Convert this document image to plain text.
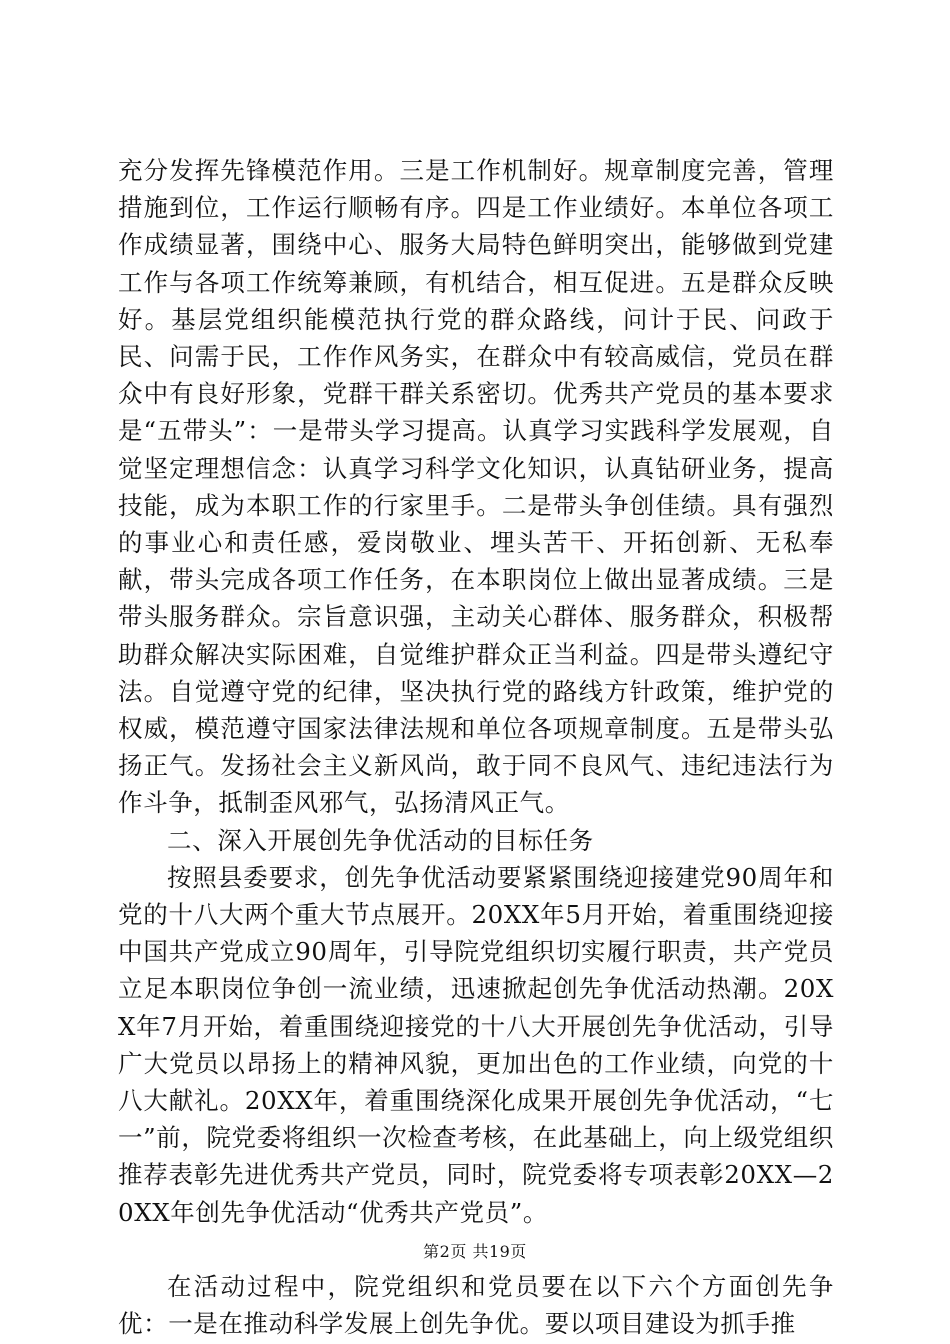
充分发挥先锋模范作用。三是工作机制好。规章制度完善，管理措施到位，工作运行顺畅有序。四是工作业绩好。本单位各项工作成绩显著，围绕中心、服务大局特色鲜明突出，能够做到党建工作与各项工作统筹兼顾，有机结合，相互促进。五是群众反映好。基层党组织能模范执行党的群众路线，问计于民、问政于民、问需于民，工作作风务实，在群众中有较高威信，党员在群众中有良好形象，党群干群关系密切。优秀共产党员的基本要求是“五带头”：一是带头学习提高。认真学习实践科学发展观，自觉坚定理想信念：认真学习科学文化知识，认真钻研业务，提高技能，成为本职工作的行家里手。二是带头争创佳绩。具有强烈的事业心和责任感，爱岗敬业、埋头苦干、开拓创新、无私奉献，带头完成各项工作任务，在本职岗位上做出显著成绩。三是带头服务群众。宗旨意识强，主动关心群体、服务群众，积极帮助群众解决实际困难，自觉维护群众正当利益。四是带头遵纪守法。自觉遵守党的纪律，坚决执行党的路线方针政策，维护党的权威，模范遵守国家法律法规和单位各项规章制度。五是带头弘扬正气。发扬社会主义新风尚，敢于同不良风气、违纪违法行为作斗争，抵制歪风邪气，弘扬清风正气。

二、深入开展创先争优活动的目标任务

按照县委要求，创先争优活动要紧紧围绕迎接建党90周年和党的十八大两个重大节点展开。20XX年5月开始，着重围绕迎接中国共产党成立90周年，引导院党组织切实履行职责，共产党员立足本职岗位争创一流业绩，迅速掀起创先争优活动热潮。20XX年7月开始，着重围绕迎接党的十八大开展创先争优活动，引导广大党员以昂扬上的精神风貌，更加出色的工作业绩，向党的十八大献礼。20XX年，着重围绕深化成果开展创先争优活动，“七一”前，院党委将组织一次检查考核，在此基础上，向上级党组织推荐表彰先进优秀共产党员，同时，院党委将专项表彰20XX—20XX年创先争优活动“优秀共产党员”。

在活动过程中，院党组织和党员要在以下六个方面创先争优：一是在推动科学发展上创先争优。要以项目建设为抓手推

第2页 共19页
